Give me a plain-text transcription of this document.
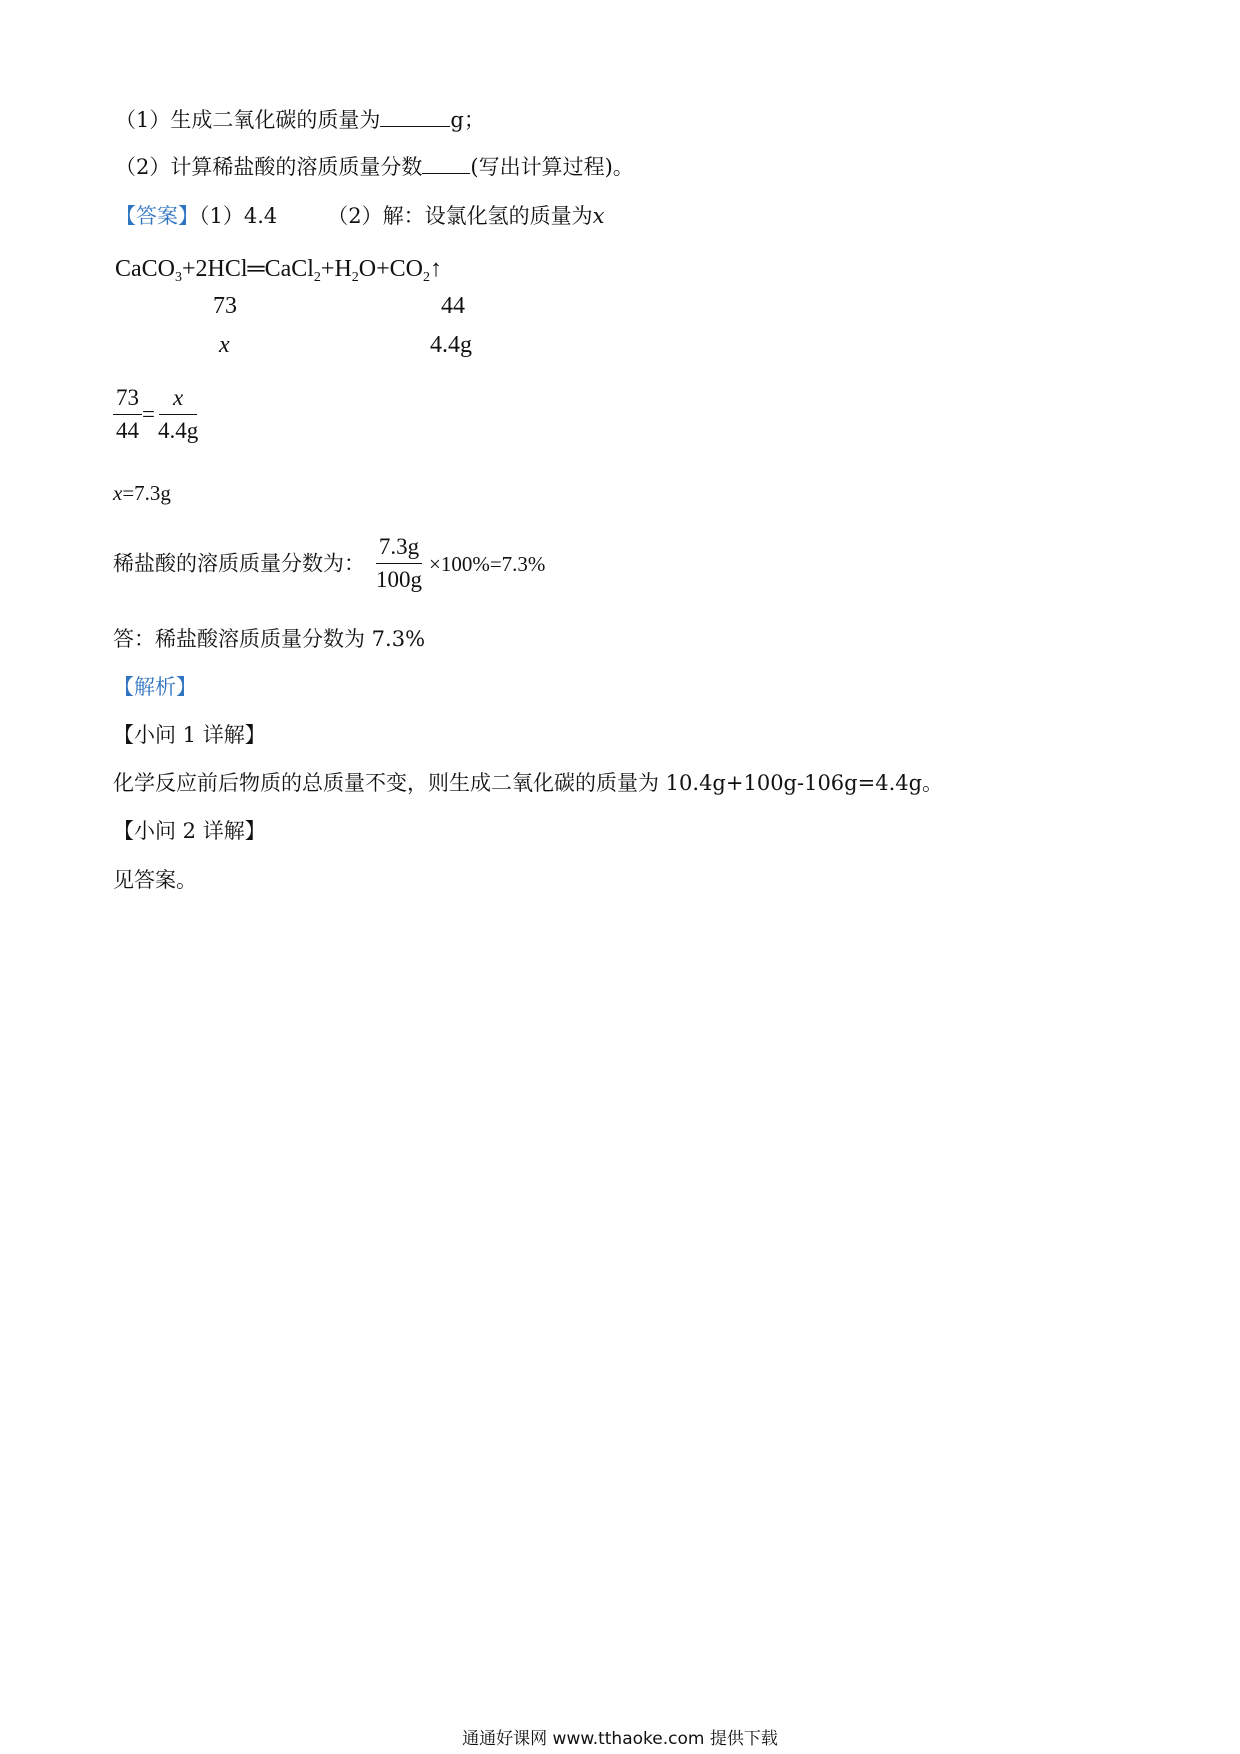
（1）生成二氧化碳的质量为	g；
（2）计算稀盐酸的溶质质量分数 (写出计算过程)。
【答案】（1）4.4 （2）解：设氯化氢的质量为x
$CaCO_3+2HCl═CaCl_2+H_2O+CO_2↑$
73	44
x	4.4g
$\frac{73}{44} = \frac{x}{4.4g}$
x=7.3g
稀盐酸的溶质质量分数为： $\frac{7.3g}{100g} \times 100\%=7.3\%$
答：稀盐酸溶质质量分数为 7.3%
【解析】
【小问 1 详解】
化学反应前后物质的总质量不变，则生成二氧化碳的质量为 10.4g+100g-106g=4.4g。
【小问 2 详解】
见答案。
通通好课网 www.tthaoke.com 提供下载
